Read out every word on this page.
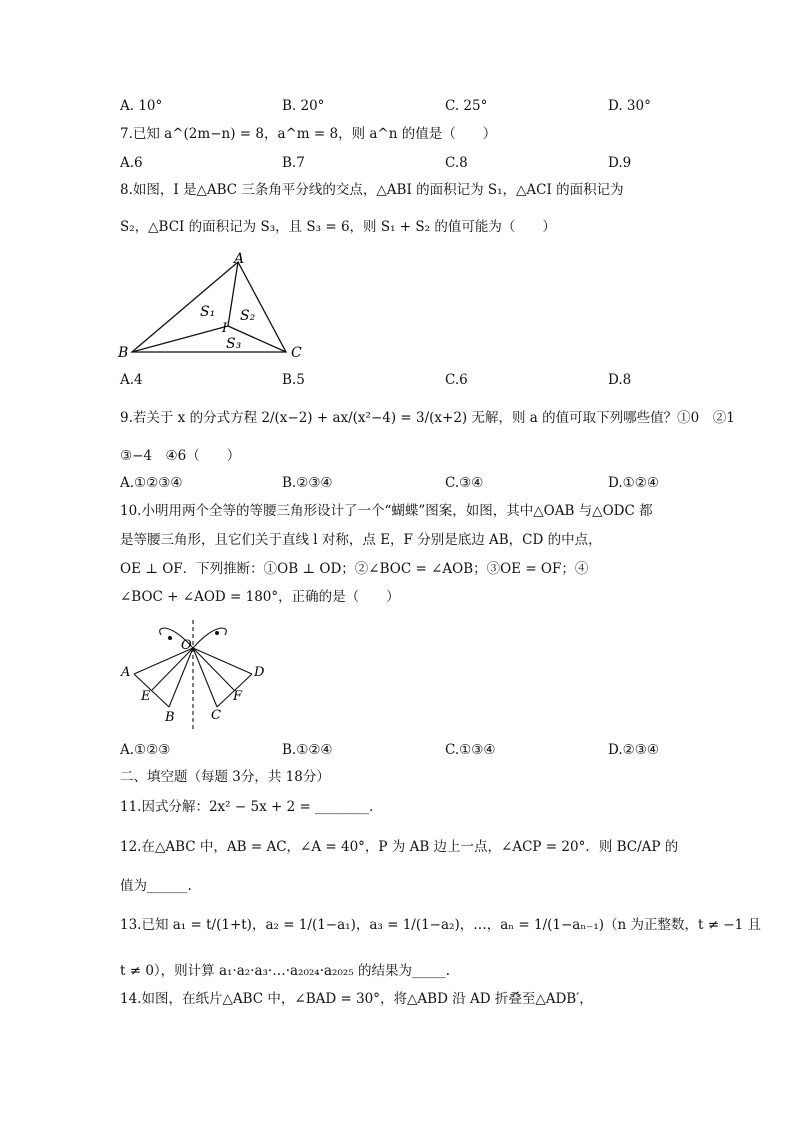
A. 10°	B. 20°	C. 25°	D. 30°
7.已知 a^(2m−n) = 8，a^m = 8，则 a^n 的值是（　　）
A.6	B.7	C.8	D.9
8.如图，I 是△ABC 三条角平分线的交点，△ABI 的面积记为 S₁，△ACI 的面积记为
S₂，△BCI 的面积记为 S₃，且 S₃ = 6，则 S₁ + S₂ 的值可能为（　　）
A
B	C
I
S₁ S₂
S₃
A.4	B.5	C.6	D.8
9.若关于 x 的分式方程 2/(x−2) + ax/(x²−4) = 3/(x+2) 无解，则 a 的值可取下列哪些值？①0　②1
③−4　④6（　　）
A.①②③④	B.②③④	C.③④	D.①②④
10.小明用两个全等的等腰三角形设计了一个“蝴蝶”图案，如图，其中△OAB 与△ODC 都
是等腰三角形，且它们关于直线 l 对称，点 E，F 分别是底边 AB，CD 的中点，
OE ⊥ OF．下列推断：①OB ⊥ OD；②∠BOC = ∠AOB；③OE = OF；④
∠BOC + ∠AOD = 180°，正确的是（　　）
O
A
E
B	C
F
D
A.①②③	B.①②④	C.①③④	D.②③④
二、填空题（每题 3分，共 18分）
11.因式分解：2x² − 5x + 2 = ________.
12.在△ABC 中，AB = AC，∠A = 40°，P 为 AB 边上一点，∠ACP = 20°．则 BC/AP 的
值为______.
13.已知 a₁ = t/(1+t)，a₂ = 1/(1−a₁)，a₃ = 1/(1−a₂)，…，aₙ = 1/(1−aₙ₋₁)（n 为正整数，t ≠ −1 且
t ≠ 0），则计算 a₁·a₂·a₃·…·a₂₀₂₄·a₂₀₂₅ 的结果为_____.
14.如图，在纸片△ABC 中，∠BAD = 30°，将△ABD 沿 AD 折叠至△ADB′，
